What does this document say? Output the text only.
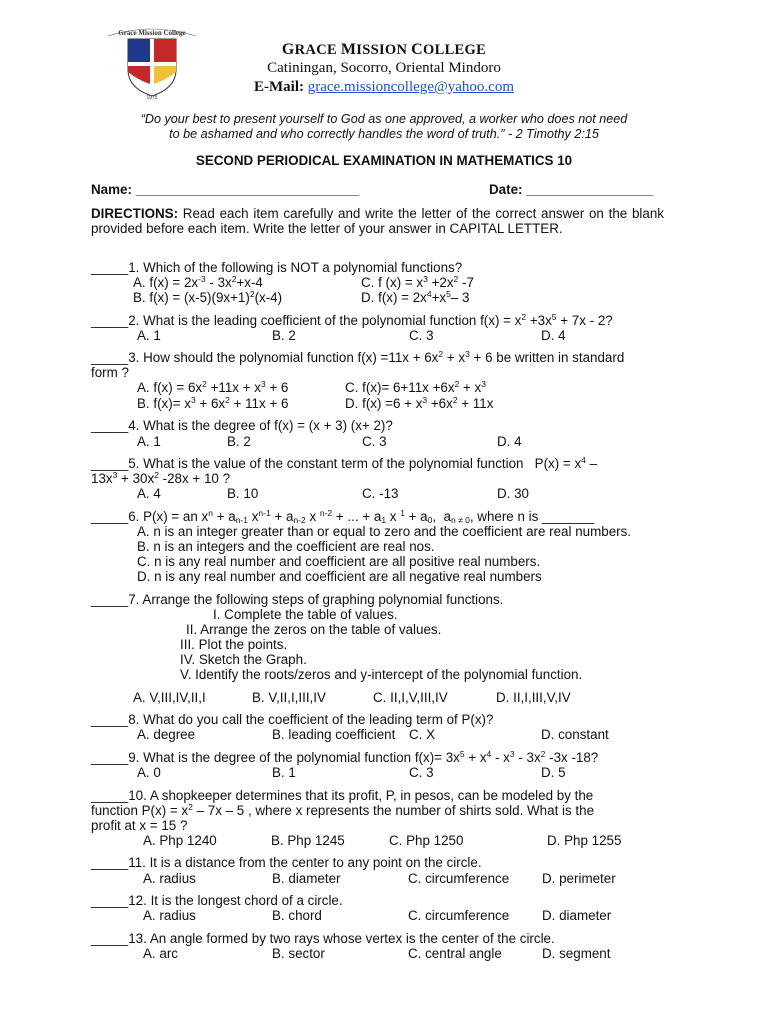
Grace Mission College
1975
GRACE MISSION COLLEGE
Catiningan, Socorro, Oriental Mindoro
E-Mail: grace.missioncollege@yahoo.com
“Do your best to present yourself to God as one approved, a worker who does not need
to be ashamed and who correctly handles the word of truth.” - 2 Timothy 2:15
SECOND PERIODICAL EXAMINATION IN MATHEMATICS 10
Name: ______________________________	Date: _________________
DIRECTIONS: Read each item carefully and write the letter of the correct answer on the blank provided before each item. Write the letter of your answer in CAPITAL LETTER.
_____1. Which of the following is NOT a polynomial functions?
A. $f(x) = 2x^{-3} - 3x^2+x-4$	C. f $(x) = x^3 +2x^2$ -7
B. $f(x) = (x-5)(9x+1)^2(x-4)$	D. $f(x) = 2x^4+x^5-$ 3
_____2. What is the leading coefficient of the polynomial function $f(x) = x^2 +3x^5 + 7x - 2$?
A. 1	B. 2	C. 3	D. 4
_____3. How should the polynomial function $f(x) =11x + 6x^2 + x^3 + 6$ be written in standard
form ?
A. $f(x) = 6x^2 +11x + x^3 + 6$	C. $f(x)= 6+11x +6x^2 + x^3$
B. $f(x)= x^3 + 6x^2 + 11x + 6$	D. $f(x) =6 + x^3 +6x^2 + 11x$
_____4. What is the degree of f(x) = (x + 3) (x+ 2)?
A. 1	B. 2	C. 3	D. 4
_____5. What is the value of the constant term of the polynomial function   $P(x) = x^4$ –
$13x^3 + 30x^2$ -28x + 10 ?
A. 4	B. 10	C. -13	D. 30
_____6. P(x) = an $x^n + a_{n-1}$ $x^{n-1} + a_{n-2}$ x $^{n-2}$ + ... + $a_1$ x $^1 + a_0$,  $a_{n \ne 0}$, where n is _______
A. n is an integer greater than or equal to zero and the coefficient are real numbers.
B. n is an integers and the coefficient are real nos.
C. n is any real number and coefficient are all positive real numbers.
D. n is any real number and coefficient are all negative real numbers
_____7. Arrange the following steps of graphing polynomial functions.
I. Complete the table of values.
II. Arrange the zeros on the table of values.
III. Plot the points.
IV. Sketch the Graph.
V. Identify the roots/zeros and y-intercept of the polynomial function.
A. V,III,IV,II,I	B. V,II,I,III,IV	C. II,I,V,III,IV	D. II,I,III,V,IV
_____8. What do you call the coefficient of the leading term of P(x)?
A. degree	B. leading coefficient C. X	D. constant
_____9. What is the degree of the polynomial function $f(x)= 3x^5 + x^4 - x^3 - 3x^2$ -3x -18?
A. 0	B. 1	C. 3	D. 5
_____10. A shopkeeper determines that its profit, P, in pesos, can be modeled by the
function $P(x) = x^2 - 7x - 5$ , where x represents the number of shirts sold. What is the
profit at x = 15 ?
A. Php 1240	B. Php 1245	C. Php 1250	D. Php 1255
_____11. It is a distance from the center to any point on the circle.
A. radius	B. diameter	C. circumference D. perimeter
_____12. It is the longest chord of a circle.
A. radius	B. chord	C. circumference D. diameter
_____13. An angle formed by two rays whose vertex is the center of the circle.
A. arc	B. sector	C. central angle	D. segment
